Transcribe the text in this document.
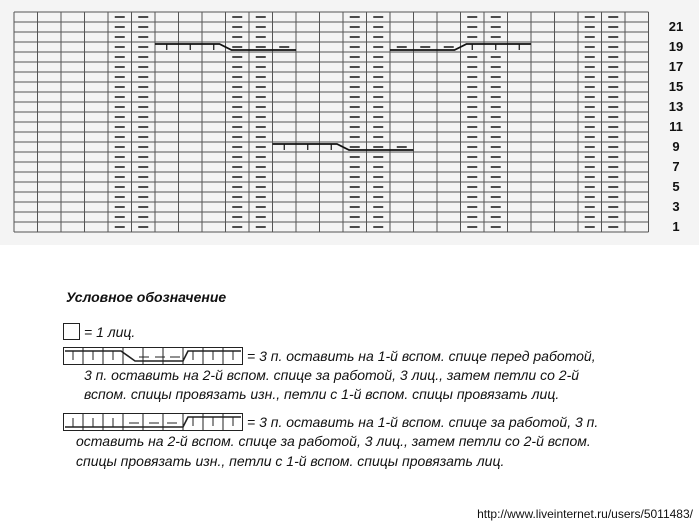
21
19
17
15
13
11
9
7
5
3
1
Условное обозначение
= 1 лиц.
= 3 п. оставить на 1-й вспом. спице перед работой,
3 п. оставить на 2-й вспом. спице за работой, 3 лиц., затем петли со 2-й
вспом. спицы провязать изн., петли с 1-й вспом. спицы провязать лиц.
= 3 п. оставить на 1-й вспом. спице за работой, 3 п.
оставить на 2-й вспом. спице за работой, 3 лиц., затем петли со 2-й вспом.
спицы провязать изн., петли с 1-й вспом. спицы провязать лиц.
http://www.liveinternet.ru/users/5011483/
